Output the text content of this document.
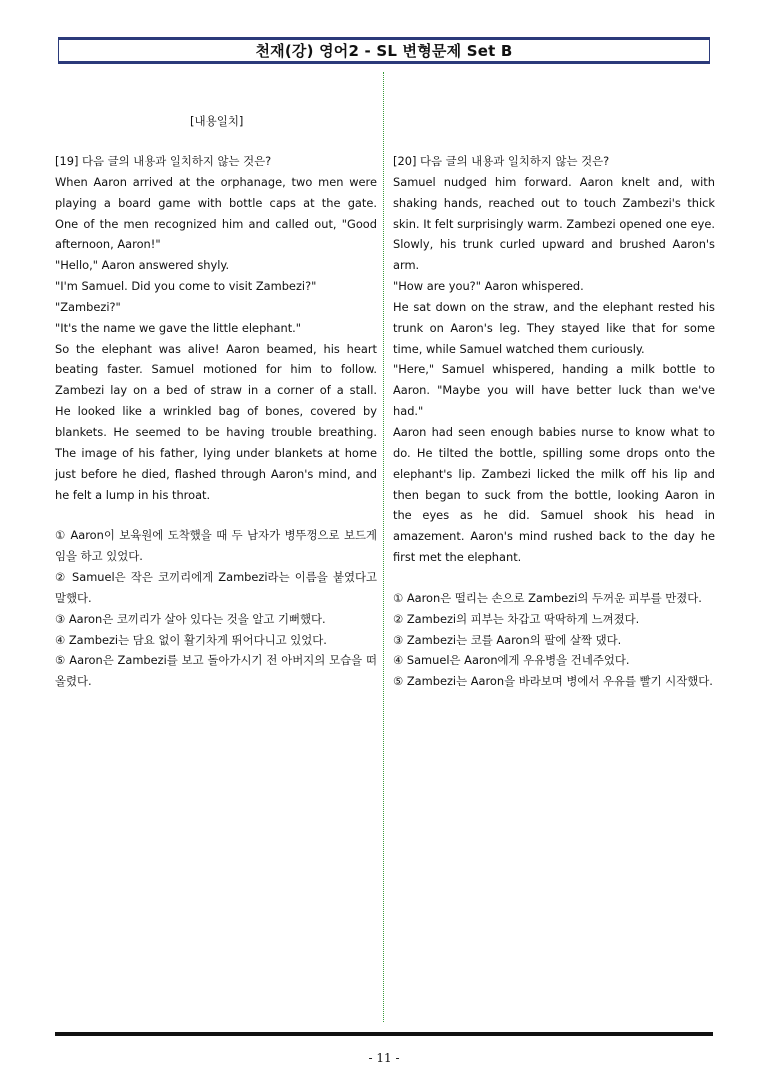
천재(강) 영어2 - SL 변형문제 Set B
[내용일치]

[19] 다음 글의 내용과 일치하지 않는 것은?

When Aaron arrived at the orphanage, two men were

playing a board game with bottle caps at the gate.

One of the men recognized him and called out, "Good

afternoon, Aaron!"

"Hello," Aaron answered shyly.

"I'm Samuel. Did you come to visit Zambezi?"

"Zambezi?"

"It's the name we gave the little elephant."

So the elephant was alive! Aaron beamed, his heart

beating faster. Samuel motioned for him to follow.

Zambezi lay on a bed of straw in a corner of a stall.

He looked like a wrinkled bag of bones, covered by

blankets. He seemed to be having trouble breathing.

The image of his father, lying under blankets at home

just before he died, flashed through Aaron's mind, and

he felt a lump in his throat.

① Aaron이 보육원에 도착했을 때 두 남자가 병뚜껑으로 보드게임을 하고 있었다.

② Samuel은 작은 코끼리에게 Zambezi라는 이름을 붙였다고 말했다.

③ Aaron은 코끼리가 살아 있다는 것을 알고 기뻐했다.

④ Zambezi는 담요 없이 활기차게 뛰어다니고 있었다.

⑤ Aaron은 Zambezi를 보고 돌아가시기 전 아버지의 모습을 떠올렸다.

[20] 다음 글의 내용과 일치하지 않는 것은?

Samuel nudged him forward. Aaron knelt and, with

shaking hands, reached out to touch Zambezi's thick

skin. It felt surprisingly warm. Zambezi opened one eye.

Slowly, his trunk curled upward and brushed Aaron's

arm.

"How are you?" Aaron whispered.

He sat down on the straw, and the elephant rested his

trunk on Aaron's leg. They stayed like that for some

time, while Samuel watched them curiously.

"Here," Samuel whispered, handing a milk bottle to

Aaron. "Maybe you will have better luck than we've

had."

Aaron had seen enough babies nurse to know what to

do. He tilted the bottle, spilling some drops onto the

elephant's lip. Zambezi licked the milk off his lip and

then began to suck from the bottle, looking Aaron in

the eyes as he did. Samuel shook his head in

amazement. Aaron's mind rushed back to the day he

first met the elephant.

① Aaron은 떨리는 손으로 Zambezi의 두꺼운 피부를 만졌다.

② Zambezi의 피부는 차갑고 딱딱하게 느껴졌다.

③ Zambezi는 코를 Aaron의 팔에 살짝 댔다.

④ Samuel은 Aaron에게 우유병을 건네주었다.

⑤ Zambezi는 Aaron을 바라보며 병에서 우유를 빨기 시작했다.

- 11 -
